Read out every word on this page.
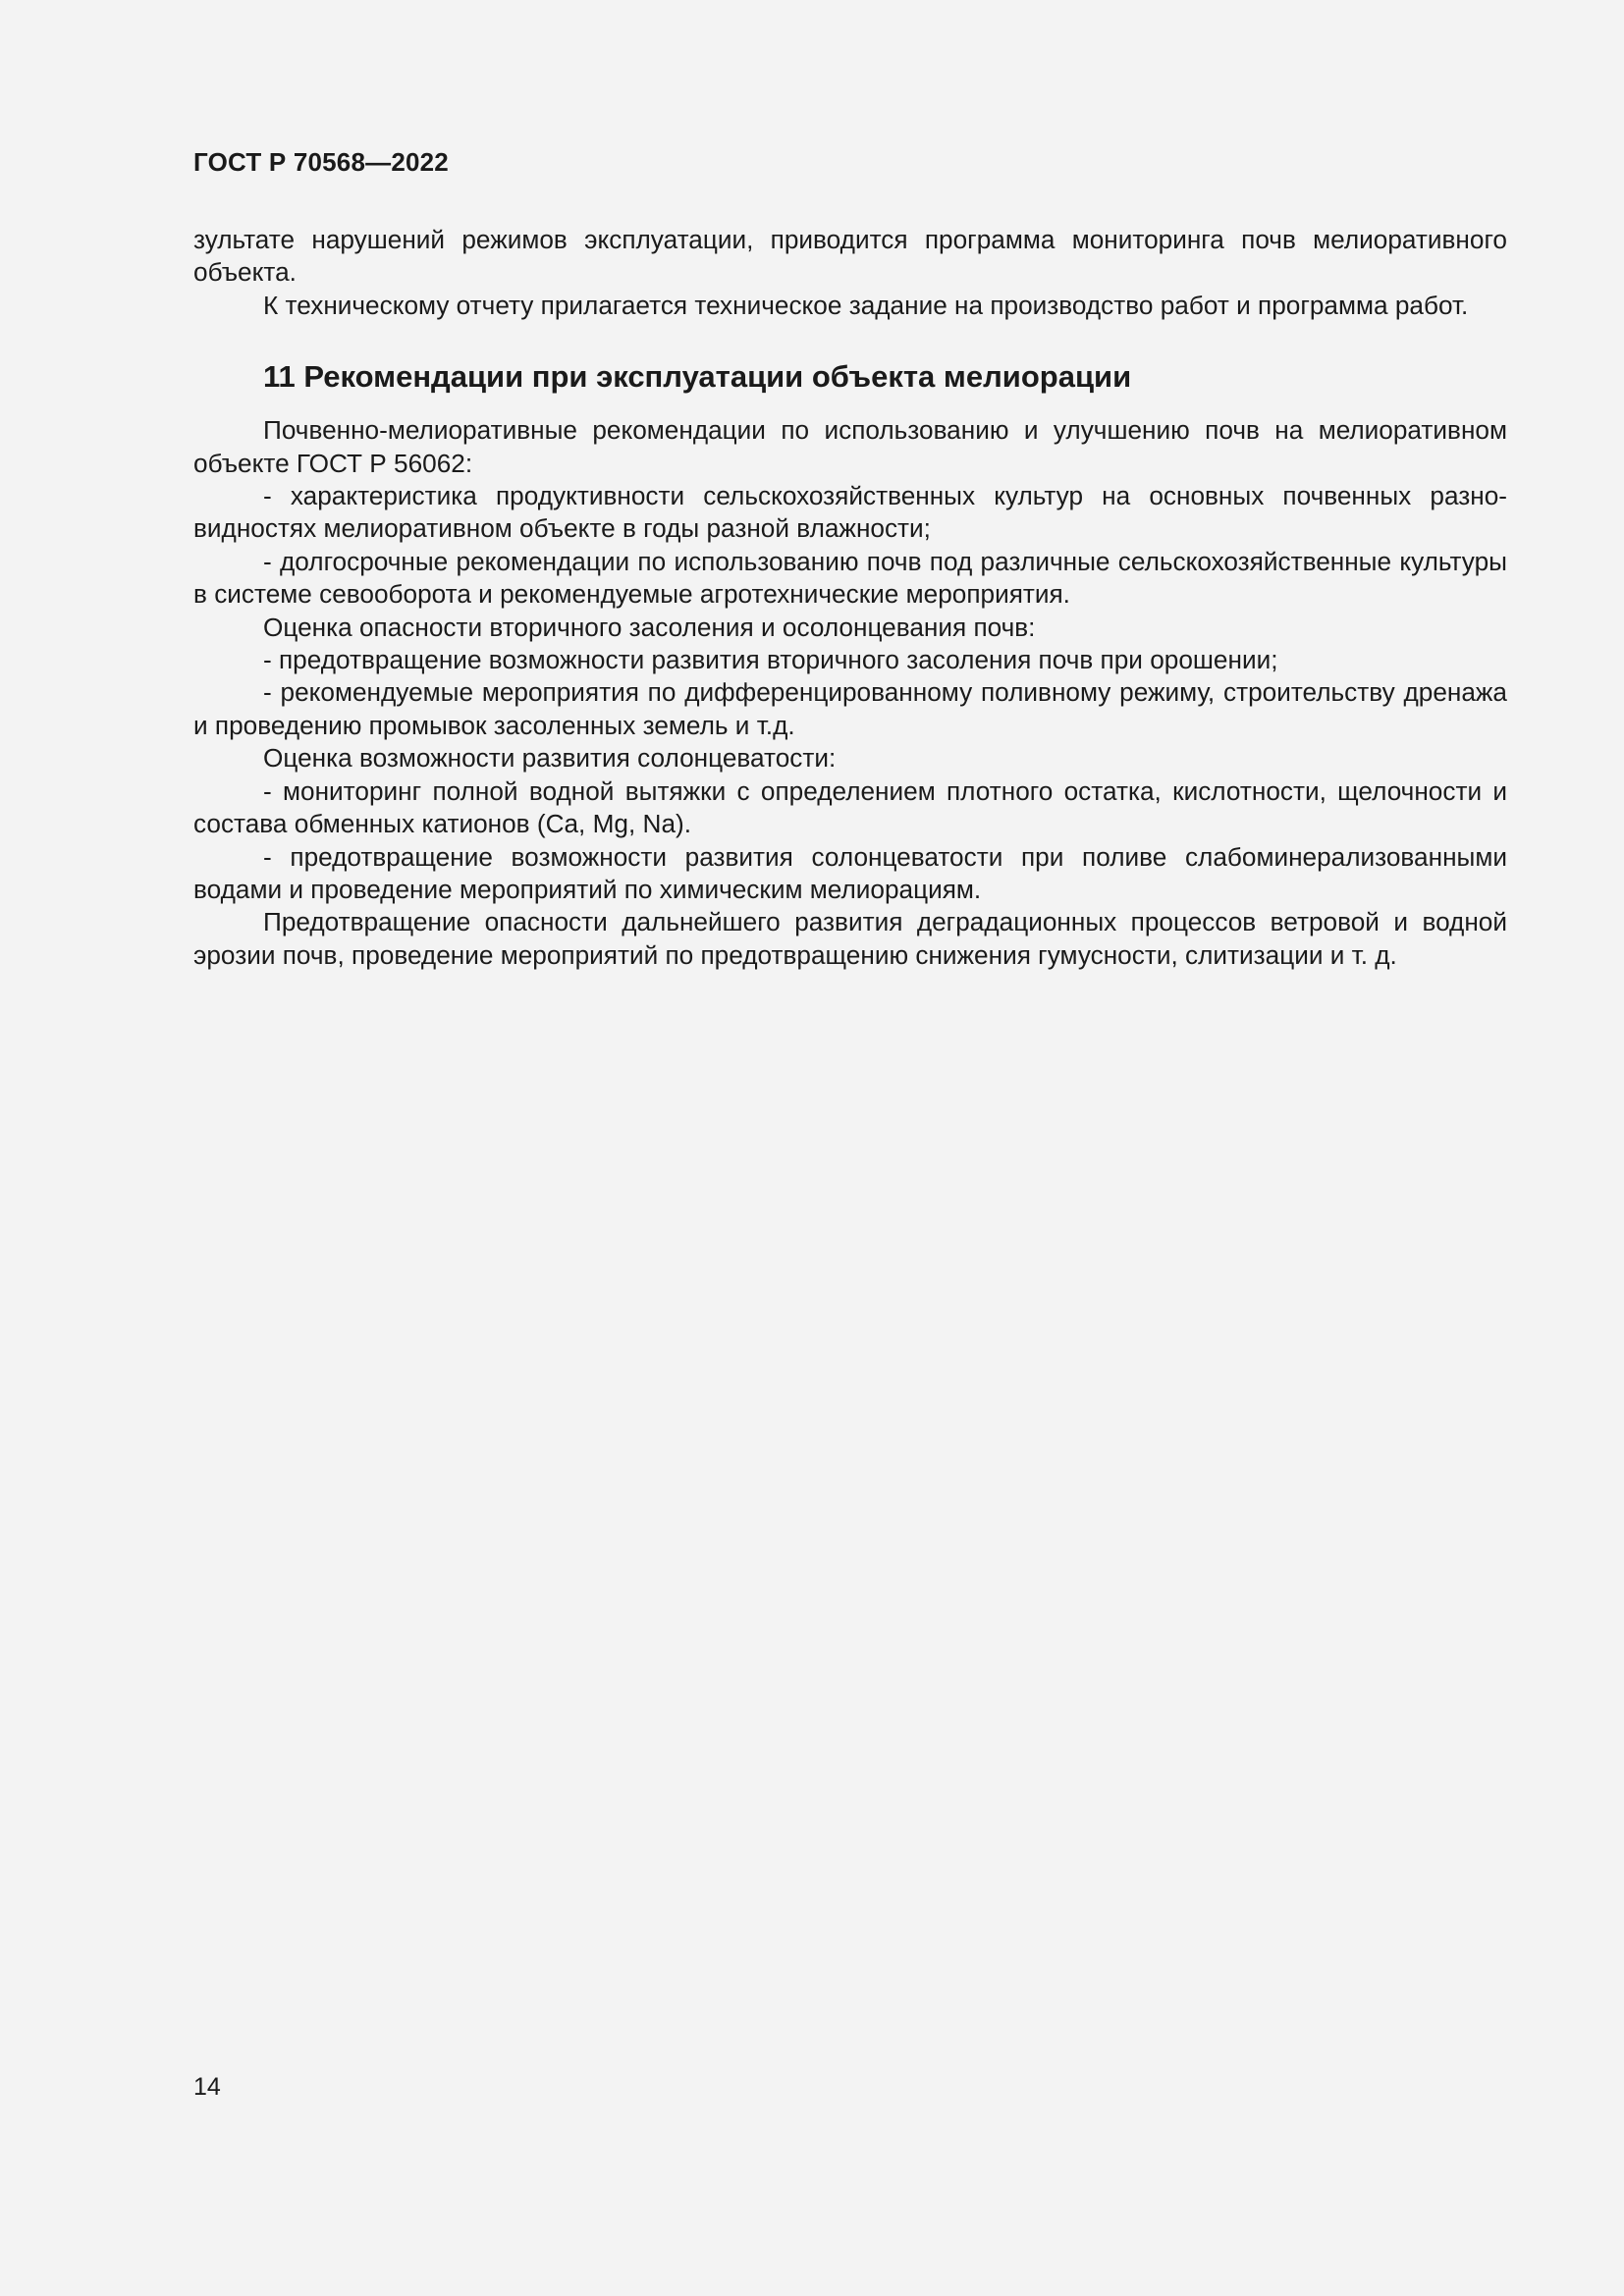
ГОСТ Р 70568—2022

зультате нарушений режимов эксплуатации, приводится программа мониторинга почв мелиоративного объекта.

К техническому отчету прилагается техническое задание на производство работ и программа работ.

11 Рекомендации при эксплуатации объекта мелиорации

Почвенно-мелиоративные рекомендации по использованию и улучшению почв на мелиоративном объекте ГОСТ Р 56062:

- характеристика продуктивности сельскохозяйственных культур на основных почвенных разно-видностях мелиоративном объекте в годы разной влажности;

- долгосрочные рекомендации по использованию почв под различные сельскохозяйственные культуры в системе севооборота и рекомендуемые агротехнические мероприятия.

Оценка опасности вторичного засоления и осолонцевания почв:

- предотвращение возможности развития вторичного засоления почв при орошении;

- рекомендуемые мероприятия по дифференцированному поливному режиму, строительству дренажа и проведению промывок засоленных земель и т.д.

Оценка возможности развития солонцеватости:

- мониторинг полной водной вытяжки с определением плотного остатка, кислотности, щелочности и состава обменных катионов (Ca, Mg, Na).

- предотвращение возможности развития солонцеватости при поливе слабоминерализованными водами и проведение мероприятий по химическим мелиорациям.

Предотвращение опасности дальнейшего развития деградационных процессов ветровой и водной эрозии почв, проведение мероприятий по предотвращению снижения гумусности, слитизации и т. д.

14
